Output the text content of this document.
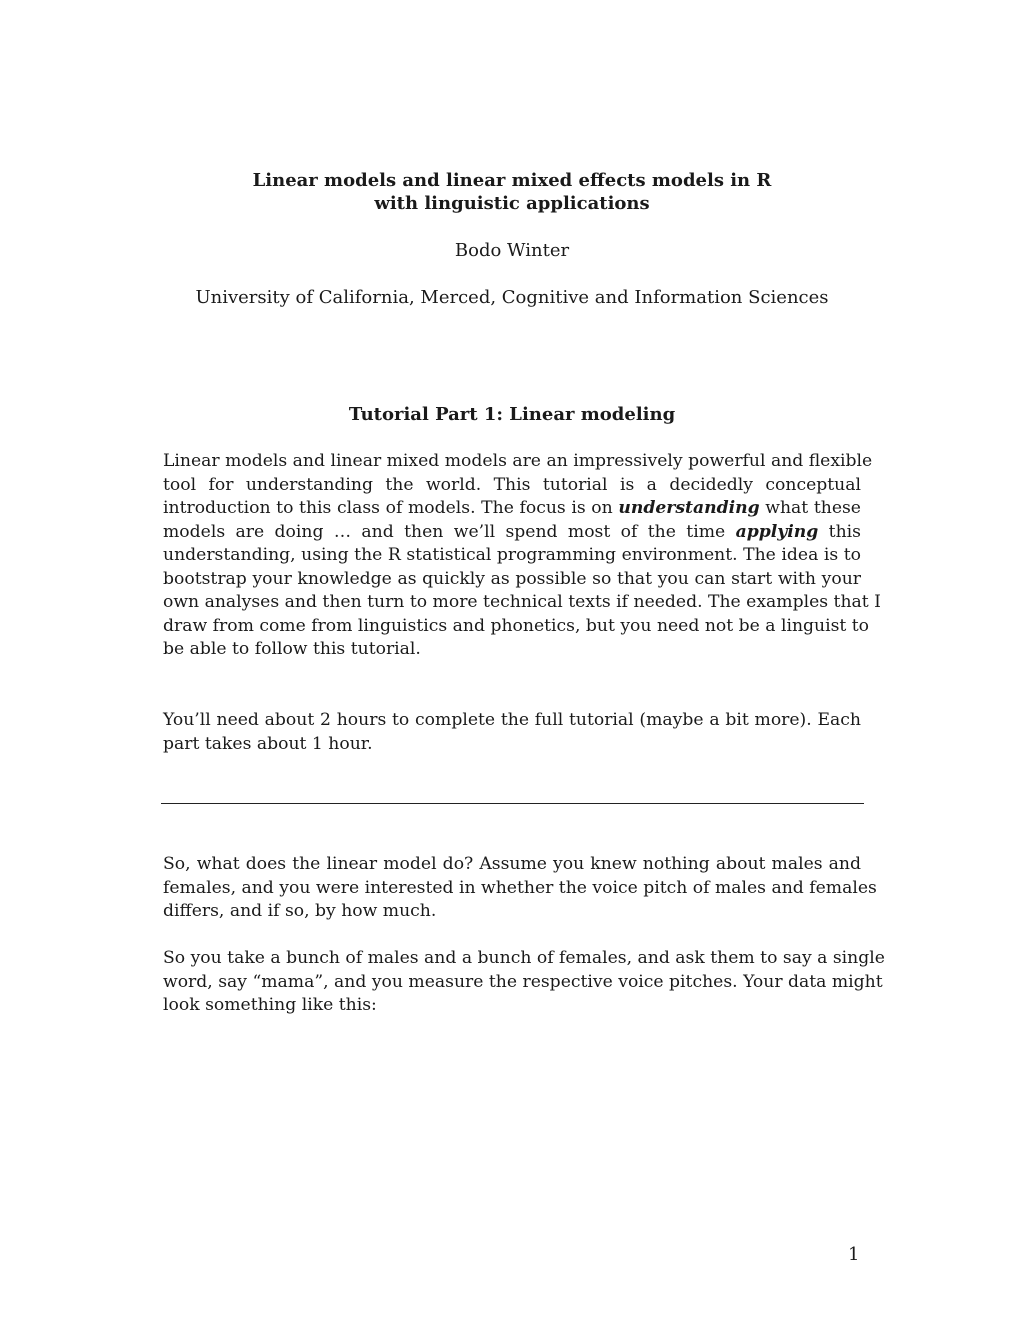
Linear models and linear mixed effects models in R
with linguistic applications
Bodo Winter
University of California, Merced, Cognitive and Information Sciences
Tutorial Part 1: Linear modeling
Linear models and linear mixed models are an impressively powerful and flexible
tool for understanding the world. This tutorial is a decidedly conceptual
introduction to this class of models. The focus is on understanding what these
models are doing … and then we’ll spend most of the time applying this
understanding, using the R statistical programming environment. The idea is to
bootstrap your knowledge as quickly as possible so that you can start with your
own analyses and then turn to more technical texts if needed. The examples that I
draw from come from linguistics and phonetics, but you need not be a linguist to
be able to follow this tutorial.
You’ll need about 2 hours to complete the full tutorial (maybe a bit more). Each
part takes about 1 hour.
So, what does the linear model do? Assume you knew nothing about males and
females, and you were interested in whether the voice pitch of males and females
differs, and if so, by how much.
So you take a bunch of males and a bunch of females, and ask them to say a single
word, say “mama”, and you measure the respective voice pitches. Your data might
look something like this:
1
